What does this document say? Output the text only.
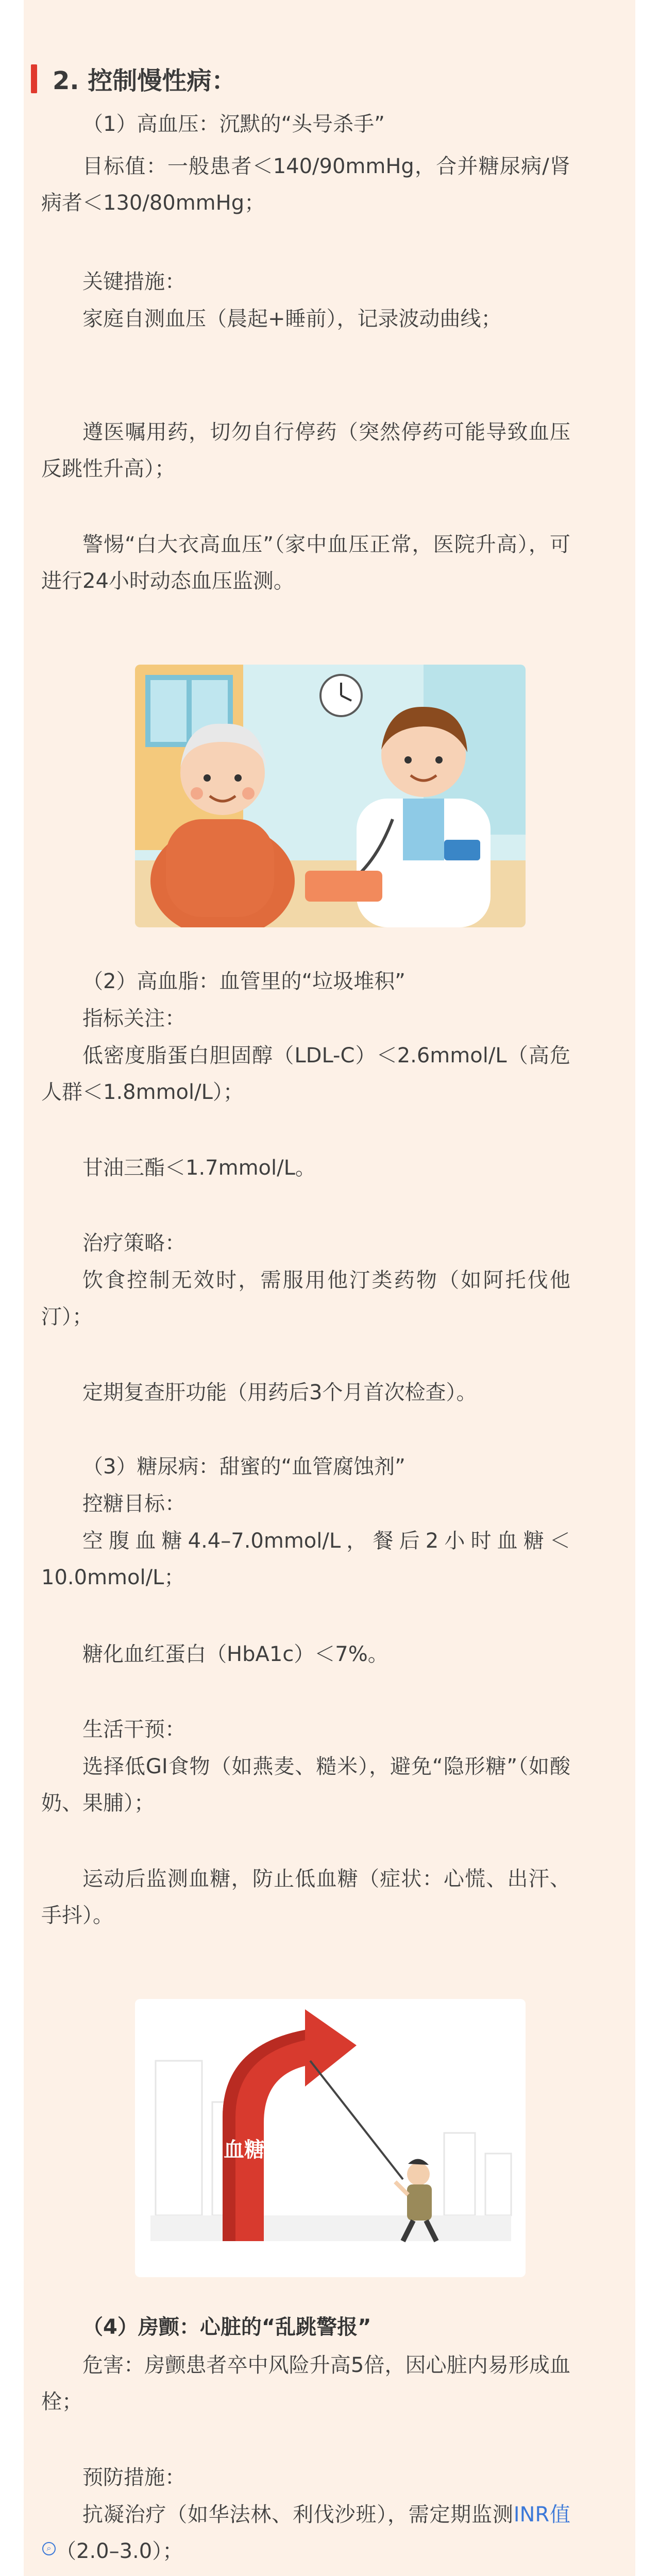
2. 控制慢性病：
（1）高血压：沉默的“头号杀手”
目标值：一般患者＜140/90mmHg，合并糖尿病/肾病者＜130/80mmHg；
关键措施：
家庭自测血压（晨起+睡前），记录波动曲线；
遵医嘱用药，切勿自行停药（突然停药可能导致血压反跳性升高）；
警惕“白大衣高血压”（家中血压正常，医院升高），可进行24小时动态血压监测。
（2）高血脂：血管里的“垃圾堆积”
指标关注：
低密度脂蛋白胆固醇（LDL-C）＜2.6mmol/L（高危人群＜1.8mmol/L）；
甘油三酯＜1.7mmol/L。
治疗策略：
饮食控制无效时，需服用他汀类药物（如阿托伐他汀）；
定期复查肝功能（用药后3个月首次检查）。
（3）糖尿病：甜蜜的“血管腐蚀剂”
控糖目标：
空腹血糖4.4–7.0mmol/L，餐后2小时血糖＜10.0mmol/L；
糖化血红蛋白（HbA1c）＜7%。
生活干预：
选择低GI食物（如燕麦、糙米），避免“隐形糖”（如酸奶、果脯）；
运动后监测血糖，防止低血糖（症状：心慌、出汗、手抖）。
血糖
（4）房颤：心脏的“乱跳警报”
危害：房颤患者卒中风险升高5倍，因心脏内易形成血栓；
预防措施：
抗凝治疗（如华法林、利伐沙班），需定期监测INR值⌕ （2.0–3.0）；
